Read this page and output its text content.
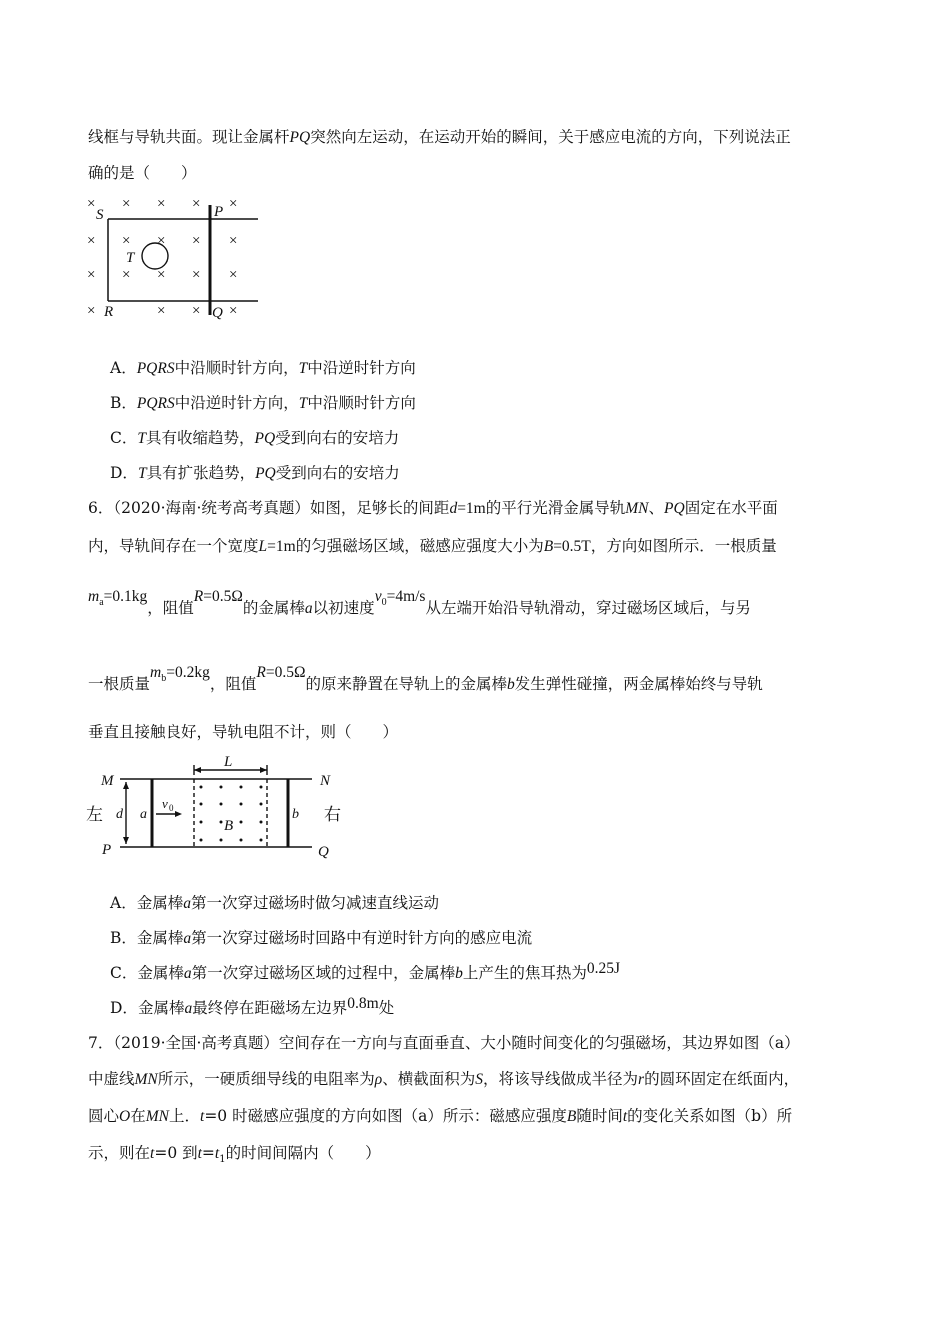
线框与导轨共面。现让金属杆PQ突然向左运动，在运动开始的瞬间，关于感应电流的方向，下列说法正
确的是（　　）
× × × × ×
× × × × ×
× × × × ×
×	× × ×
S	P
R	Q
T
A．PQRS中沿顺时针方向，T中沿逆时针方向
B．PQRS中沿逆时针方向，T中沿顺时针方向
C．T具有收缩趋势，PQ受到向右的安培力
D．T具有扩张趋势，PQ受到向右的安培力
6．（2020·海南·统考高考真题）如图，足够长的间距d=1m的平行光滑金属导轨MN、PQ固定在水平面
内，导轨间存在一个宽度L=1m的匀强磁场区域，磁感应强度大小为B=0.5T，方向如图所示．一根质量
$m_a=0.1kg$，阻值R=0.5Ω的金属棒a以初速度$v_0=4m/s$从左端开始沿导轨滑动，穿过磁场区域后，与另
一根质量$m_b=0.2kg$，阻值R=0.5Ω的原来静置在导轨上的金属棒b发生弹性碰撞，两金属棒始终与导轨
垂直且接触良好，导轨电阻不计，则（　　）
M	N
P	Q
L
d a	b
B
v 0
左	右
A．金属棒a第一次穿过磁场时做匀减速直线运动
B．金属棒a第一次穿过磁场时回路中有逆时针方向的感应电流
C．金属棒a第一次穿过磁场区域的过程中，金属棒b上产生的焦耳热为0.25J
D．金属棒a最终停在距磁场左边界0.8m处
7．（2019·全国·高考真题）空间存在一方向与直面垂直、大小随时间变化的匀强磁场，其边界如图（a）
中虚线MN所示，一硬质细导线的电阻率为ρ、横截面积为S，将该导线做成半径为r的圆环固定在纸面内，
圆心O在MN上．t=0 时磁感应强度的方向如图（a）所示：磁感应强度B随时间t的变化关系如图（b）所
示，则在t=0 到$t=t_1$的时间间隔内（　　）
